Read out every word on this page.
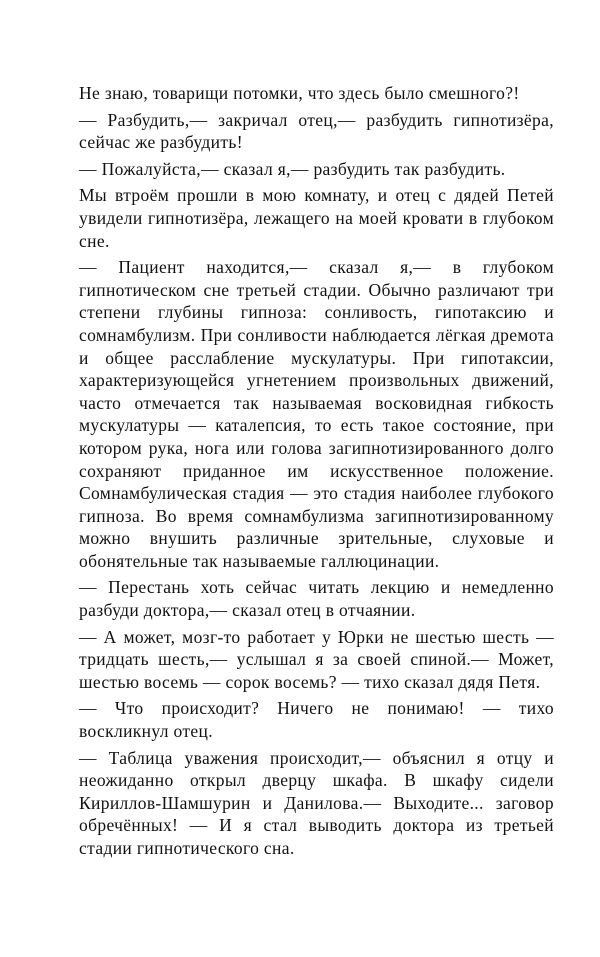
Не знаю, товарищи потомки, что здесь было смешного?!

— Разбудить,— закричал отец,— разбудить гипнотизёра, сейчас же разбудить!

— Пожалуйста,— сказал я,— разбудить так разбудить.

Мы втроём прошли в мою комнату, и отец с дядей Петей увидели гипнотизёра, лежащего на моей кровати в глубоком сне.

— Пациент находится,— сказал я,— в глубоком гипнотическом сне третьей стадии. Обычно различают три степени глубины гипноза: сонливость, гипотаксию и сомнамбулизм. При сонливости наблюдается лёгкая дремота и общее расслабление мускулатуры. При гипотаксии, характеризующейся угнетением произвольных движений, часто отмечается так называемая восковидная гибкость мускулатуры — каталепсия, то есть такое состояние, при котором рука, нога или голова загипнотизированного долго сохраняют приданное им искусственное положение. Сомнамбулическая стадия — это стадия наиболее глубокого гипноза. Во время сомнамбулизма загипнотизированному можно внушить различные зрительные, слуховые и обонятельные так называемые галлюцинации.

— Перестань хоть сейчас читать лекцию и немедленно разбуди доктора,— сказал отец в отчаянии.

— А может, мозг-то работает у Юрки не шестью шесть — тридцать шесть,— услышал я за своей спиной.— Может, шестью восемь — сорок восемь? — тихо сказал дядя Петя.

— Что происходит? Ничего не понимаю! — тихо воскликнул отец.

— Таблица уважения происходит,— объяснил я отцу и неожиданно открыл дверцу шкафа. В шкафу сидели Кириллов-Шамшурин и Данилова.— Выходите... заговор обречённых! — И я стал выводить доктора из третьей стадии гипнотического сна.
